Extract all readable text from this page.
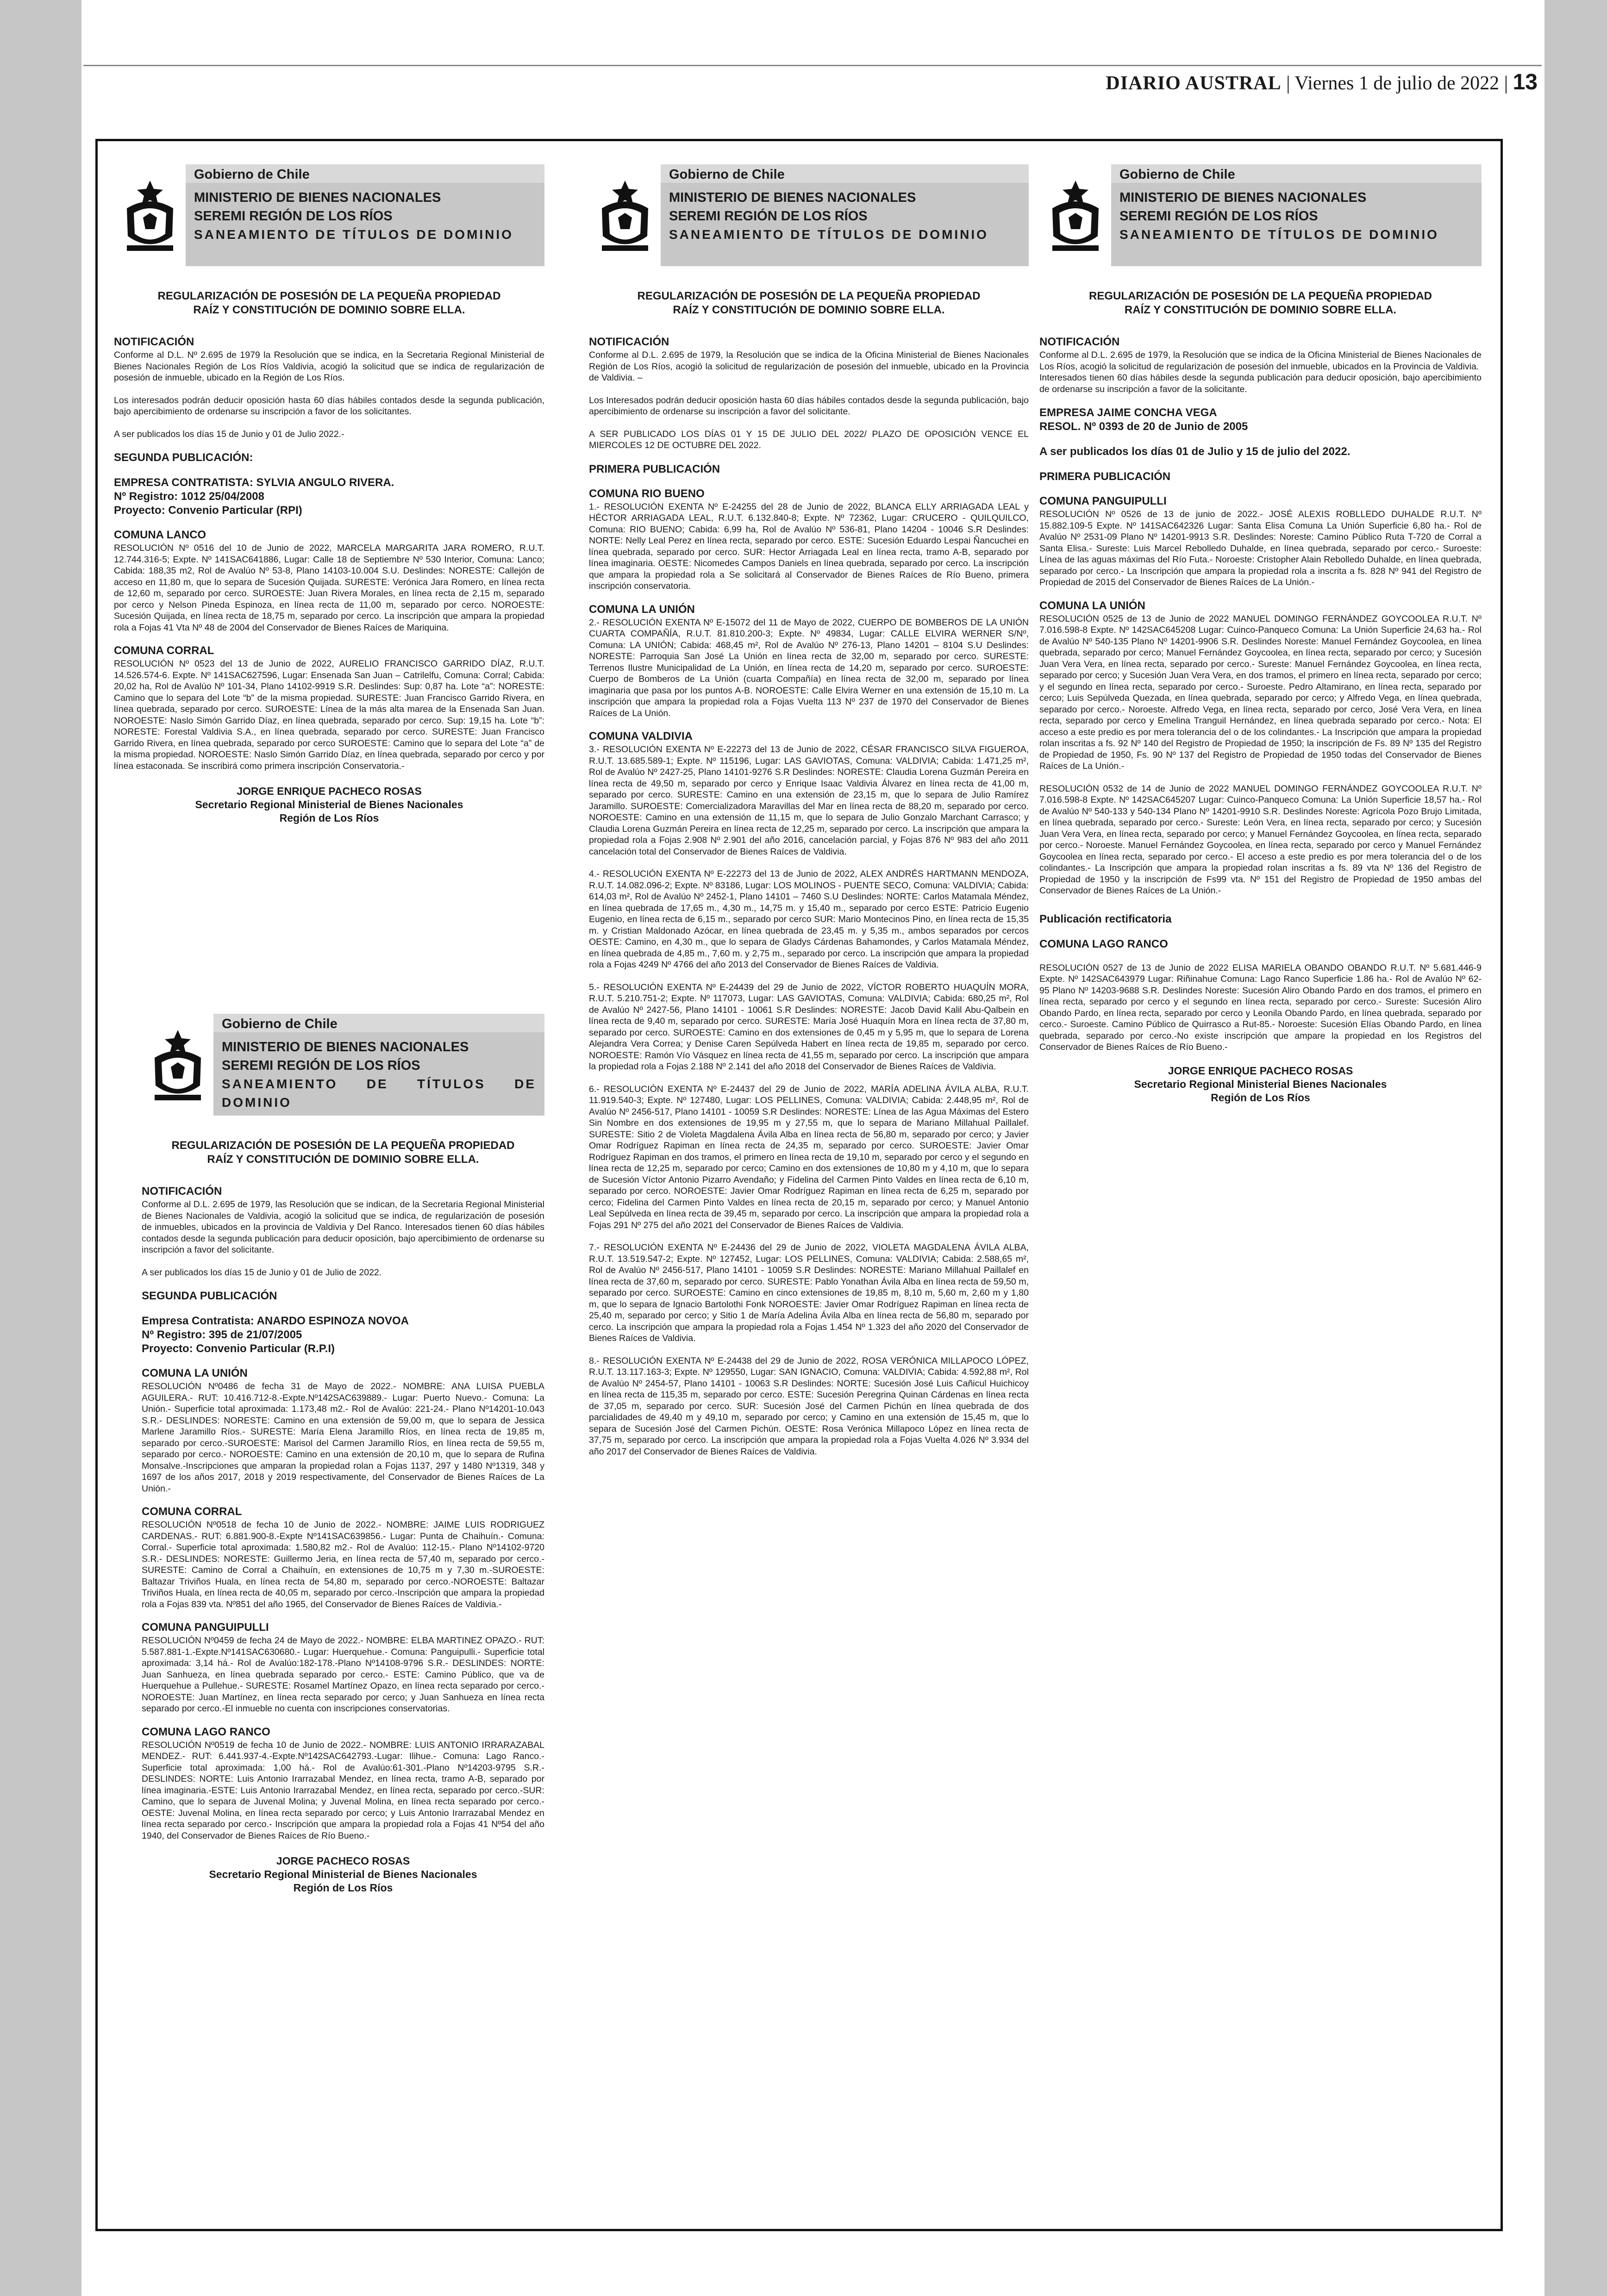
DIARIO AUSTRAL | Viernes 1 de julio de 2022 | 13
Gobierno de Chile
MINISTERIO DE BIENES NACIONALES
SEREMI REGIÓN DE LOS RÍOS
SANEAMIENTO DE TÍTULOS DE DOMINIO
REGULARIZACIÓN DE POSESIÓN DE LA PEQUEÑA PROPIEDAD
RAÍZ Y CONSTITUCIÓN DE DOMINIO SOBRE ELLA.
NOTIFICACIÓN

Conforme al D.L. Nº 2.695 de 1979 la Resolución que se indica, en la Secretaria Regional Ministerial de Bienes Nacionales Región de Los Ríos Valdivia, acogió la solicitud que se indica de regularización de posesión de inmueble, ubicado en la Región de Los Ríos.

Los interesados podrán deducir oposición hasta 60 días hábiles contados desde la segunda publicación, bajo apercibimiento de ordenarse su inscripción a favor de los solicitantes.

A ser publicados los días 15 de Junio y 01 de Julio 2022.-

SEGUNDA PUBLICACIÓN:

EMPRESA CONTRATISTA: SYLVIA ANGULO RIVERA.
Nº Registro: 1012 25/04/2008

Proyecto: Convenio Particular (RPI)

COMUNA LANCO

RESOLUCIÓN Nº 0516 del 10 de Junio de 2022, MARCELA MARGARITA JARA ROMERO, R.U.T. 12.744.316-5; Expte. Nº 141SAC641886, Lugar: Calle 18 de Septiembre Nº 530 Interior, Comuna: Lanco; Cabida: 188,35 m2, Rol de Avalúo Nº 53-8, Plano 14103-10.004 S.U. Deslindes: NORESTE: Callejón de acceso en 11,80 m, que lo separa de Sucesión Quijada. SURESTE: Verónica Jara Romero, en línea recta de 12,60 m, separado por cerco. SUROESTE: Juan Rivera Morales, en línea recta de 2,15 m, separado por cerco y Nelson Pineda Espinoza, en línea recta de 11,00 m, separado por cerco. NOROESTE: Sucesión Quijada, en línea recta de 18,75 m, separado por cerco. La inscripción que ampara la propiedad rola a Fojas 41 Vta Nº 48 de 2004 del Conservador de Bienes Raíces de Mariquina.

COMUNA CORRAL

RESOLUCIÓN Nº 0523 del 13 de Junio de 2022, AURELIO FRANCISCO GARRIDO DÍAZ, R.U.T. 14.526.574-6. Expte. Nº 141SAC627596, Lugar: Ensenada San Juan – Catrilelfu, Comuna: Corral; Cabida: 20,02 ha, Rol de Avalúo Nº 101-34, Plano 14102-9919 S.R. Deslindes: Sup: 0,87 ha. Lote “a”: NORESTE: Camino que lo separa del Lote “b” de la misma propiedad. SURESTE: Juan Francisco Garrido Rivera, en línea quebrada, separado por cerco. SUROESTE: Línea de la más alta marea de la Ensenada San Juan. NOROESTE: Naslo Simón Garrido Díaz, en línea quebrada, separado por cerco. Sup: 19,15 ha. Lote “b”: NORESTE: Forestal Valdivia S.A., en línea quebrada, separado por cerco. SURESTE: Juan Francisco Garrido Rivera, en línea quebrada, separado por cerco SUROESTE: Camino que lo separa del Lote “a” de la misma propiedad. NOROESTE: Naslo Simón Garrido Díaz, en línea quebrada, separado por cerco y por línea estaconada. Se inscribirá como primera inscripción Conservatoria.-

JORGE ENRIQUE PACHECO ROSAS
Secretario Regional Ministerial de Bienes Nacionales
Región de Los Ríos
Gobierno de Chile
MINISTERIO DE BIENES NACIONALES
SEREMI REGIÓN DE LOS RÍOS
SANEAMIENTO DE TÍTULOS DE DOMINIO
REGULARIZACIÓN DE POSESIÓN DE LA PEQUEÑA PROPIEDAD
RAÍZ Y CONSTITUCIÓN DE DOMINIO SOBRE ELLA.
NOTIFICACIÓN

Conforme al D.L. 2.695 de 1979, las Resolución que se indican, de la Secretaria Regional Ministerial de Bienes Nacionales de Valdivia, acogió la solicitud que se indica, de regularización de posesión de inmuebles, ubicados en la provincia de Valdivia y Del Ranco. Interesados tienen 60 días hábiles contados desde la segunda publicación para deducir oposición, bajo apercibimiento de ordenarse su inscripción a favor del solicitante.

A ser publicados los días 15 de Junio y 01 de Julio de 2022.

SEGUNDA PUBLICACIÓN

Empresa Contratista: ANARDO ESPINOZA NOVOA
Nº Registro: 395 de 21/07/2005

Proyecto: Convenio Particular (R.P.I)

COMUNA LA UNIÓN

RESOLUCIÓN Nº0486 de fecha 31 de Mayo de 2022.- NOMBRE: ANA LUISA PUEBLA AGUILERA.- RUT: 10.416.712-8.-Expte.Nº142SAC639889.- Lugar: Puerto Nuevo.- Comuna: La Unión.- Superficie total aproximada: 1.173,48 m2.- Rol de Avalúo: 221-24.- Plano Nº14201-10.043 S.R.- DESLINDES: NORESTE: Camino en una extensión de 59,00 m, que lo separa de Jessica Marlene Jaramillo Ríos.- SURESTE: María Elena Jaramillo Ríos, en línea recta de 19,85 m, separado por cerco.-SUROESTE: Marisol del Carmen Jaramillo Ríos, en línea recta de 59,55 m, separado por cerco.- NOROESTE: Camino en una extensión de 20,10 m, que lo separa de Rufina Monsalve.-Inscripciones que amparan la propiedad rolan a Fojas 1137, 297 y 1480 Nº1319, 348 y 1697 de los años 2017, 2018 y 2019 respectivamente, del Conservador de Bienes Raíces de La Unión.-

COMUNA CORRAL

RESOLUCIÓN Nº0518 de fecha 10 de Junio de 2022.- NOMBRE: JAIME LUIS RODRIGUEZ CARDENAS.- RUT: 6.881.900-8.-Expte Nº141SAC639856.- Lugar: Punta de Chaihuín.- Comuna: Corral.- Superficie total aproximada: 1.580,82 m2.- Rol de Avalúo: 112-15.- Plano Nº14102-9720 S.R.- DESLINDES: NORESTE: Guillermo Jeria, en línea recta de 57,40 m, separado por cerco.-SURESTE: Camino de Corral a Chaihuín, en extensiones de 10,75 m y 7,30 m.-SUROESTE: Baltazar Triviños Huala, en línea recta de 54,80 m, separado por cerco.-NOROESTE: Baltazar Triviños Huala, en línea recta de 40,05 m, separado por cerco.-Inscripción que ampara la propiedad rola a Fojas 839 vta. Nº851 del año 1965, del Conservador de Bienes Raíces de Valdivia.-

COMUNA PANGUIPULLI

RESOLUCIÓN Nº0459 de fecha 24 de Mayo de 2022.- NOMBRE: ELBA MARTINEZ OPAZO.- RUT: 5.587.881-1.-Expte.Nº141SAC630680.- Lugar: Huerquehue.- Comuna: Panguipulli.- Superficie total aproximada: 3,14 há.- Rol de Avalúo:182-178.-Plano Nº14108-9796 S.R.- DESLINDES: NORTE: Juan Sanhueza, en línea quebrada separado por cerco.- ESTE: Camino Público, que va de Huerquehue a Pullehue.- SURESTE: Rosamel Martínez Opazo, en línea recta separado por cerco.-NOROESTE: Juan Martínez, en línea recta separado por cerco; y Juan Sanhueza en línea recta separado por cerco.-El inmueble no cuenta con inscripciones conservatorias.

COMUNA LAGO RANCO

RESOLUCIÓN Nº0519 de fecha 10 de Junio de 2022.- NOMBRE: LUIS ANTONIO IRRARAZABAL MENDEZ.- RUT: 6.441.937-4.-Expte.Nº142SAC642793.-Lugar: Ilihue.- Comuna: Lago Ranco.- Superficie total aproximada: 1,00 há.- Rol de Avalúo:61-301.-Plano Nº14203-9795 S.R.- DESLINDES: NORTE: Luis Antonio Irarrazabal Mendez, en línea recta, tramo A-B, separado por línea imaginaria.-ESTE: Luis Antonio Irarrazabal Mendez, en línea recta, separado por cerco.-SUR: Camino, que lo separa de Juvenal Molina; y Juvenal Molina, en línea recta separado por cerco.-OESTE: Juvenal Molina, en línea recta separado por cerco; y Luis Antonio Irarrazabal Mendez en línea recta separado por cerco.- Inscripción que ampara la propiedad rola a Fojas 41 Nº54 del año 1940, del Conservador de Bienes Raíces de Río Bueno.-

JORGE PACHECO ROSAS
Secretario Regional Ministerial de Bienes Nacionales
Región de Los Ríos
Gobierno de Chile
MINISTERIO DE BIENES NACIONALES
SEREMI REGIÓN DE LOS RÍOS
SANEAMIENTO DE TÍTULOS DE DOMINIO
REGULARIZACIÓN DE POSESIÓN DE LA PEQUEÑA PROPIEDAD
RAÍZ Y CONSTITUCIÓN DE DOMINIO SOBRE ELLA.
NOTIFICACIÓN

Conforme al D.L. 2.695 de 1979, la Resolución que se indica de la Oficina Ministerial de Bienes Nacionales Región de Los Ríos, acogió la solicitud de regularización de posesión del inmueble, ubicado en la Provincia de Valdivia. –

Los Interesados podrán deducir oposición hasta 60 días hábiles contados desde la segunda publicación, bajo apercibimiento de ordenarse su inscripción a favor del solicitante.

A SER PUBLICADO LOS DÍAS 01 Y 15 DE JULIO DEL 2022/ PLAZO DE OPOSICIÓN VENCE EL MIERCOLES 12 DE OCTUBRE DEL 2022.

PRIMERA PUBLICACIÓN

COMUNA RIO BUENO

1.- RESOLUCIÓN EXENTA Nº E-24255 del 28 de Junio de 2022, BLANCA ELLY ARRIAGADA LEAL y HÉCTOR ARRIAGADA LEAL, R.U.T. 6.132.840-8; Expte. Nº 72362, Lugar: CRUCERO - QUILQUILCO, Comuna: RIO BUENO; Cabida: 6,99 ha, Rol de Avalúo Nº 536-81, Plano 14204 - 10046 S.R Deslindes: NORTE: Nelly Leal Perez en línea recta, separado por cerco. ESTE: Sucesión Eduardo Lespai Ñancuchei en línea quebrada, separado por cerco. SUR: Hector Arriagada Leal en línea recta, tramo A-B, separado por línea imaginaria. OESTE: Nicomedes Campos Daniels en línea quebrada, separado por cerco. La inscripción que ampara la propiedad rola a Se solicitará al Conservador de Bienes Raíces de Río Bueno, primera inscripción conservatoria.

COMUNA LA UNIÓN

2.- RESOLUCIÓN EXENTA Nº E-15072 del 11 de Mayo de 2022, CUERPO DE BOMBEROS DE LA UNIÓN CUARTA COMPAÑÍA, R.U.T. 81.810.200-3; Expte. Nº 49834, Lugar: CALLE ELVIRA WERNER S/Nº, Comuna: LA UNIÓN; Cabida: 468,45 m², Rol de Avalúo Nº 276-13, Plano 14201 – 8104 S.U Deslindes: NORESTE: Parroquia San José La Unión en línea recta de 32,00 m, separado por cerco. SURESTE: Terrenos Ilustre Municipalidad de La Unión, en línea recta de 14,20 m, separado por cerco. SUROESTE: Cuerpo de Bomberos de La Unión (cuarta Compañía) en línea recta de 32,00 m, separado por línea imaginaria que pasa por los puntos A-B. NOROESTE: Calle Elvira Werner en una extensión de 15,10 m. La inscripción que ampara la propiedad rola a Fojas Vuelta 113 Nº 237 de 1970 del Conservador de Bienes Raíces de La Unión.

COMUNA VALDIVIA

3.- RESOLUCIÓN EXENTA Nº E-22273 del 13 de Junio de 2022, CÉSAR FRANCISCO SILVA FIGUEROA, R.U.T. 13.685.589-1; Expte. Nº 115196, Lugar: LAS GAVIOTAS, Comuna: VALDIVIA; Cabida: 1.471,25 m², Rol de Avalúo Nº 2427-25, Plano 14101-9276 S.R Deslindes: NORESTE: Claudia Lorena Guzmán Pereira en línea recta de 49,50 m, separado por cerco y Enrique Isaac Valdivia Álvarez en línea recta de 41,00 m, separado por cerco. SURESTE: Camino en una extensión de 23,15 m, que lo separa de Julio Ramírez Jaramillo. SUROESTE: Comercializadora Maravillas del Mar en línea recta de 88,20 m, separado por cerco. NOROESTE: Camino en una extensión de 11,15 m, que lo separa de Julio Gonzalo Marchant Carrasco; y Claudia Lorena Guzmán Pereira en línea recta de 12,25 m, separado por cerco. La inscripción que ampara la propiedad rola a Fojas 2.908 Nº 2.901 del año 2016, cancelación parcial, y Fojas 876 Nº 983 del año 2011 cancelación total del Conservador de Bienes Raíces de Valdivia.

4.- RESOLUCIÓN EXENTA Nº E-22273 del 13 de Junio de 2022, ALEX ANDRÉS HARTMANN MENDOZA, R.U.T. 14.082.096-2; Expte. Nº 83186, Lugar: LOS MOLINOS - PUENTE SECO, Comuna: VALDIVIA; Cabida: 614,03 m², Rol de Avalúo Nº 2452-1, Plano 14101 – 7460 S.U Deslindes: NORTE: Carlos Matamala Méndez, en línea quebrada de 17,65 m., 4,30 m., 14,75 m. y 15,40 m., separado por cerco ESTE: Patricio Eugenio Eugenio, en línea recta de 6,15 m., separado por cerco SUR: Mario Montecinos Pino, en línea recta de 15,35 m. y Cristian Maldonado Azócar, en línea quebrada de 23,45 m. y 5,35 m., ambos separados por cercos OESTE: Camino, en 4,30 m., que lo separa de Gladys Cárdenas Bahamondes, y Carlos Matamala Méndez, en línea quebrada de 4,85 m., 7,60 m. y 2,75 m., separado por cerco. La inscripción que ampara la propiedad rola a Fojas 4249 Nº 4766 del año 2013 del Conservador de Bienes Raíces de Valdivia.

5.- RESOLUCIÓN EXENTA Nº E-24439 del 29 de Junio de 2022, VÍCTOR ROBERTO HUAQUÍN MORA, R.U.T. 5.210.751-2; Expte. Nº 117073, Lugar: LAS GAVIOTAS, Comuna: VALDIVIA; Cabida: 680,25 m², Rol de Avalúo Nº 2427-56, Plano 14101 - 10061 S.R Deslindes: NORESTE: Jacob David Kalil Abu-Qalbein en línea recta de 9,40 m, separado por cerco. SURESTE: María José Huaquín Mora en línea recta de 37,80 m, separado por cerco. SUROESTE: Camino en dos extensiones de 0,45 m y 5,95 m, que lo separa de Lorena Alejandra Vera Correa; y Denise Caren Sepúlveda Habert en línea recta de 19,85 m, separado por cerco. NOROESTE: Ramón Vío Vásquez en línea recta de 41,55 m, separado por cerco. La inscripción que ampara la propiedad rola a Fojas 2.188 Nº 2.141 del año 2018 del Conservador de Bienes Raíces de Valdivia.

6.- RESOLUCIÓN EXENTA Nº E-24437 del 29 de Junio de 2022, MARÍA ADELINA ÁVILA ALBA, R.U.T. 11.919.540-3; Expte. Nº 127480, Lugar: LOS PELLINES, Comuna: VALDIVIA; Cabida: 2.448,95 m², Rol de Avalúo Nº 2456-517, Plano 14101 - 10059 S.R Deslindes: NORESTE: Línea de las Agua Máximas del Estero Sin Nombre en dos extensiones de 19,95 m y 27,55 m, que lo separa de Mariano Millahual Paillalef. SURESTE: Sitio 2 de Violeta Magdalena Ávila Alba en línea recta de 56,80 m, separado por cerco; y Javier Omar Rodríguez Rapiman en línea recta de 24,35 m, separado por cerco. SUROESTE: Javier Omar Rodríguez Rapiman en dos tramos, el primero en línea recta de 19,10 m, separado por cerco y el segundo en línea recta de 12,25 m, separado por cerco; Camino en dos extensiones de 10,80 m y 4,10 m, que lo separa de Sucesión Víctor Antonio Pizarro Avendaño; y Fidelina del Carmen Pinto Valdes en línea recta de 6,10 m, separado por cerco. NOROESTE: Javier Omar Rodríguez Rapiman en línea recta de 6,25 m, separado por cerco; Fidelina del Carmen Pinto Valdes en línea recta de 20,15 m, separado por cerco; y Manuel Antonio Leal Sepúlveda en línea recta de 39,45 m, separado por cerco. La inscripción que ampara la propiedad rola a Fojas 291 Nº 275 del año 2021 del Conservador de Bienes Raíces de Valdivia.

7.- RESOLUCIÓN EXENTA Nº E-24436 del 29 de Junio de 2022, VIOLETA MAGDALENA ÁVILA ALBA, R.U.T. 13.519.547-2; Expte. Nº 127452, Lugar: LOS PELLINES, Comuna: VALDIVIA; Cabida: 2.588,65 m², Rol de Avalúo Nº 2456-517, Plano 14101 - 10059 S.R Deslindes: NORESTE: Mariano Millahual Paillalef en línea recta de 37,60 m, separado por cerco. SURESTE: Pablo Yonathan Ávila Alba en línea recta de 59,50 m, separado por cerco. SUROESTE: Camino en cinco extensiones de 19,85 m, 8,10 m, 5,60 m, 2,60 m y 1,80 m, que lo separa de Ignacio Bartolothi Fonk NOROESTE: Javier Omar Rodríguez Rapiman en línea recta de 25,40 m, separado por cerco; y Sitio 1 de María Adelina Ávila Alba en línea recta de 56,80 m, separado por cerco. La inscripción que ampara la propiedad rola a Fojas 1.454 Nº 1.323 del año 2020 del Conservador de Bienes Raíces de Valdivia.

8.- RESOLUCIÓN EXENTA Nº E-24438 del 29 de Junio de 2022, ROSA VERÓNICA MILLAPOCO LÓPEZ, R.U.T. 13.117.163-3; Expte. Nº 129550, Lugar: SAN IGNACIO, Comuna: VALDIVIA; Cabida: 4.592,88 m², Rol de Avalúo Nº 2454-57, Plano 14101 - 10063 S.R Deslindes: NORTE: Sucesión José Luis Cañicul Huichicoy en línea recta de 115,35 m, separado por cerco. ESTE: Sucesión Peregrina Quinan Cárdenas en línea recta de 37,05 m, separado por cerco. SUR: Sucesión José del Carmen Pichún en línea quebrada de dos parcialidades de 49,40 m y 49,10 m, separado por cerco; y Camino en una extensión de 15,45 m, que lo separa de Sucesión José del Carmen Pichún. OESTE: Rosa Verónica Millapoco López en línea recta de 37,75 m, separado por cerco. La inscripción que ampara la propiedad rola a Fojas Vuelta 4.026 Nº 3.934 del año 2017 del Conservador de Bienes Raíces de Valdivia.

Gobierno de Chile
MINISTERIO DE BIENES NACIONALES
SEREMI REGIÓN DE LOS RÍOS
SANEAMIENTO DE TÍTULOS DE DOMINIO
REGULARIZACIÓN DE POSESIÓN DE LA PEQUEÑA PROPIEDAD
RAÍZ Y CONSTITUCIÓN DE DOMINIO SOBRE ELLA.
NOTIFICACIÓN
Conforme al D.L. 2.695 de 1979, la Resolución que se indica de la Oficina Ministerial de Bienes Nacionales de Los Ríos, acogió la solicitud de regularización de posesión del inmueble, ubicados en la Provincia de Valdivia.

Interesados tienen 60 días hábiles desde la segunda publicación para deducir oposición, bajo apercibimiento de ordenarse su inscripción a favor de la solicitante.

EMPRESA JAIME CONCHA VEGA

RESOL. Nº 0393 de 20 de Junio de 2005

A ser publicados los días 01 de Julio y 15 de julio del 2022.

PRIMERA PUBLICACIÓN

COMUNA PANGUIPULLI

RESOLUCIÓN Nº 0526 de 13 de junio de 2022.- JOSÉ ALEXIS ROBLLEDO DUHALDE R.U.T. Nº 15.882.109-5 Expte. Nº 141SAC642326 Lugar: Santa Elisa Comuna La Unión Superficie 6,80 ha.- Rol de Avalúo Nº 2531-09 Plano Nº 14201-9913 S.R. Deslindes: Noreste: Camino Público Ruta T-720 de Corral a Santa Elisa.- Sureste: Luis Marcel Rebolledo Duhalde, en línea quebrada, separado por cerco.- Suroeste: Línea de las aguas máximas del Río Futa.- Noroeste: Cristopher Alain Rebolledo Duhalde, en línea quebrada, separado por cerco.- La Inscripción que ampara la propiedad rola a inscrita a fs. 828 Nº 941 del Registro de Propiedad de 2015 del Conservador de Bienes Raíces de La Unión.-

COMUNA LA UNIÓN

RESOLUCIÓN 0525 de 13 de Junio de 2022 MANUEL DOMINGO FERNÁNDEZ GOYCOOLEA R.U.T. Nº 7.016.598-8 Expte. Nº 142SAC645208 Lugar: Cuinco-Panqueco Comuna: La Unión Superficie 24,63 ha.- Rol de Avalúo Nº 540-135 Plano Nº 14201-9906 S.R. Deslindes Noreste: Manuel Fernández Goycoolea, en línea quebrada, separado por cerco; Manuel Fernández Goycoolea, en línea recta, separado por cerco; y Sucesión Juan Vera Vera, en línea recta, separado por cerco.- Sureste: Manuel Fernández Goycoolea, en línea recta, separado por cerco; y Sucesión Juan Vera Vera, en dos tramos, el primero en línea recta, separado por cerco; y el segundo en línea recta, separado por cerco.- Suroeste. Pedro Altamirano, en línea recta, separado por cerco; Luis Sepúlveda Quezada, en línea quebrada, separado por cerco; y Alfredo Vega, en línea quebrada, separado por cerco.- Noroeste. Alfredo Vega, en línea recta, separado por cerco, José Vera Vera, en línea recta, separado por cerco y Emelina Tranguil Hernández, en línea quebrada separado por cerco.- Nota: El acceso a este predio es por mera tolerancia del o de los colindantes.- La Inscripción que ampara la propiedad rolan inscritas a fs. 92 Nº 140 del Registro de Propiedad de 1950; la inscripción de Fs. 89 Nº 135 del Registro de Propiedad de 1950, Fs. 90 Nº 137 del Registro de Propiedad de 1950 todas del Conservador de Bienes Raíces de La Unión.-

RESOLUCIÓN 0532 de 14 de Junio de 2022 MANUEL DOMINGO FERNÁNDEZ GOYCOOLEA R.U.T. Nº 7.016.598-8 Expte. Nº 142SAC645207 Lugar: Cuinco-Panqueco Comuna: La Unión Superficie 18,57 ha.- Rol de Avalúo Nº 540-133 y 540-134 Plano Nº 14201-9910 S.R. Deslindes Noreste: Agrícola Pozo Brujo Limitada, en línea quebrada, separado por cerco.- Sureste: León Vera, en línea recta, separado por cerco; y Sucesión Juan Vera Vera, en línea recta, separado por cerco; y Manuel Fernández Goycoolea, en línea recta, separado por cerco.- Noroeste. Manuel Fernández Goycoolea, en línea recta, separado por cerco y Manuel Fernández Goycoolea en línea recta, separado por cerco.- El acceso a este predio es por mera tolerancia del o de los colindantes.- La Inscripción que ampara la propiedad rolan inscritas a fs. 89 vta Nº 136 del Registro de Propiedad de 1950 y la inscripción de Fs99 vta. Nº 151 del Registro de Propiedad de 1950 ambas del Conservador de Bienes Raíces de La Unión.-

Publicación rectificatoria

COMUNA LAGO RANCO

RESOLUCIÓN 0527 de 13 de Junio de 2022 ELISA MARIELA OBANDO OBANDO R.U.T. Nº 5.681.446-9 Expte. Nº 142SAC643979 Lugar: Riñinahue Comuna: Lago Ranco Superficie 1.86 ha.- Rol de Avalúo Nº 62-95 Plano Nº 14203-9688 S.R. Deslindes Noreste: Sucesión Aliro Obando Pardo en dos tramos, el primero en línea recta, separado por cerco y el segundo en línea recta, separado por cerco.- Sureste: Sucesión Aliro Obando Pardo, en línea recta, separado por cerco y Leonila Obando Pardo, en línea quebrada, separado por cerco.- Suroeste. Camino Público de Quirrasco a Rut-85.- Noroeste: Sucesión Elías Obando Pardo, en línea quebrada, separado por cerco.-No existe inscripción que ampare la propiedad en los Registros del Conservador de Bienes Raíces de Río Bueno.-

JORGE ENRIQUE PACHECO ROSAS
Secretario Regional Ministerial Bienes Nacionales
Región de Los Ríos
